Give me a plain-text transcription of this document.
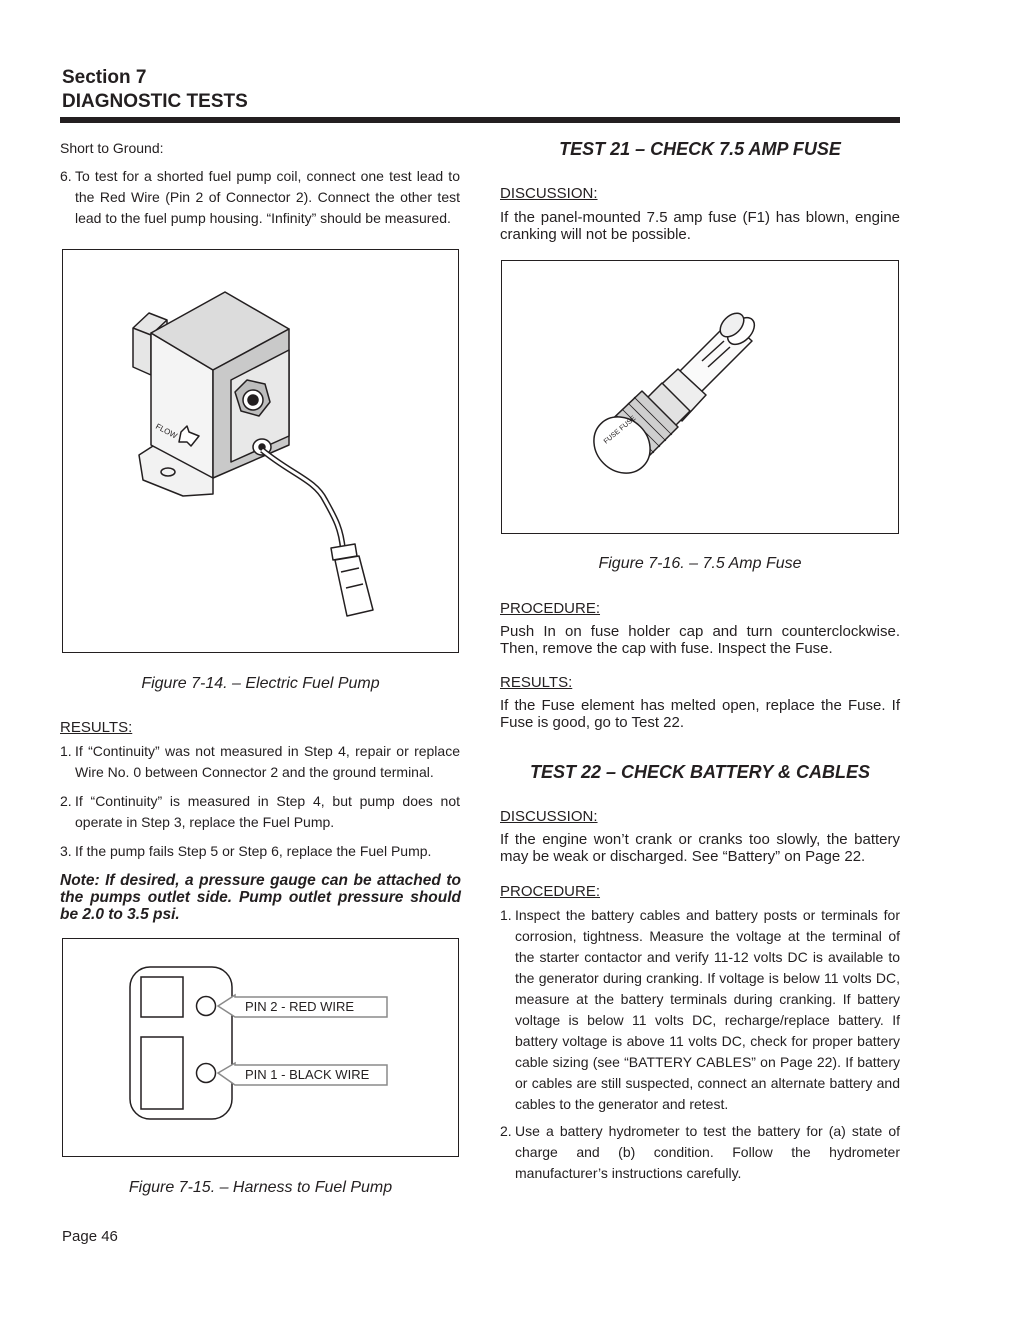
Section 7
DIAGNOSTIC TESTS
Short to Ground:
6. To test for a shorted fuel pump coil, connect one test lead to the Red Wire (Pin 2 of Connector 2). Connect the other test lead to the fuel pump housing. “Infinity” should be measured.
FLOW
Figure 7-14. – Electric Fuel Pump
RESULTS:
1. If “Continuity” was not measured in Step 4, repair or replace Wire No. 0 between Connector 2 and the ground terminal.
2. If “Continuity” is measured in Step 4, but pump does not operate in Step 3, replace the Fuel Pump.
3. If the pump fails Step 5 or Step 6, replace the Fuel Pump.
Note: If desired, a pressure gauge can be attached to the pumps outlet side. Pump outlet pressure should be 2.0 to 3.5 psi.
PIN 2 - RED WIRE
PIN 1 - BLACK WIRE
Figure 7-15. – Harness to Fuel Pump
TEST 21 – CHECK 7.5 AMP FUSE
DISCUSSION:
If the panel-mounted 7.5 amp fuse (F1) has blown, engine cranking will not be possible.
FUSE FUSE
Figure 7-16. – 7.5 Amp Fuse
PROCEDURE:
Push In on fuse holder cap and turn counterclockwise. Then, remove the cap with fuse. Inspect the Fuse.
RESULTS:
If the Fuse element has melted open, replace the Fuse. If Fuse is good, go to Test 22.
TEST 22 – CHECK BATTERY & CABLES
DISCUSSION:
If the engine won’t crank or cranks too slowly, the battery may be weak or discharged. See “Battery” on Page 22.
PROCEDURE:
1. Inspect the battery cables and battery posts or terminals for corrosion, tightness. Measure the voltage at the terminal of the starter contactor and verify 11-12 volts DC is available to the generator during cranking. If voltage is below 11 volts DC, measure at the battery terminals during cranking. If battery voltage is below 11 volts DC, recharge/replace battery. If battery voltage is above 11 volts DC, check for proper battery cable sizing (see “BATTERY CABLES” on Page 22). If battery or cables are still suspected, connect an alternate battery and cables to the generator and retest.
2. Use a battery hydrometer to test the battery for (a) state of charge and (b) condition. Follow the hydrometer manufacturer’s instructions carefully.
Page 46
